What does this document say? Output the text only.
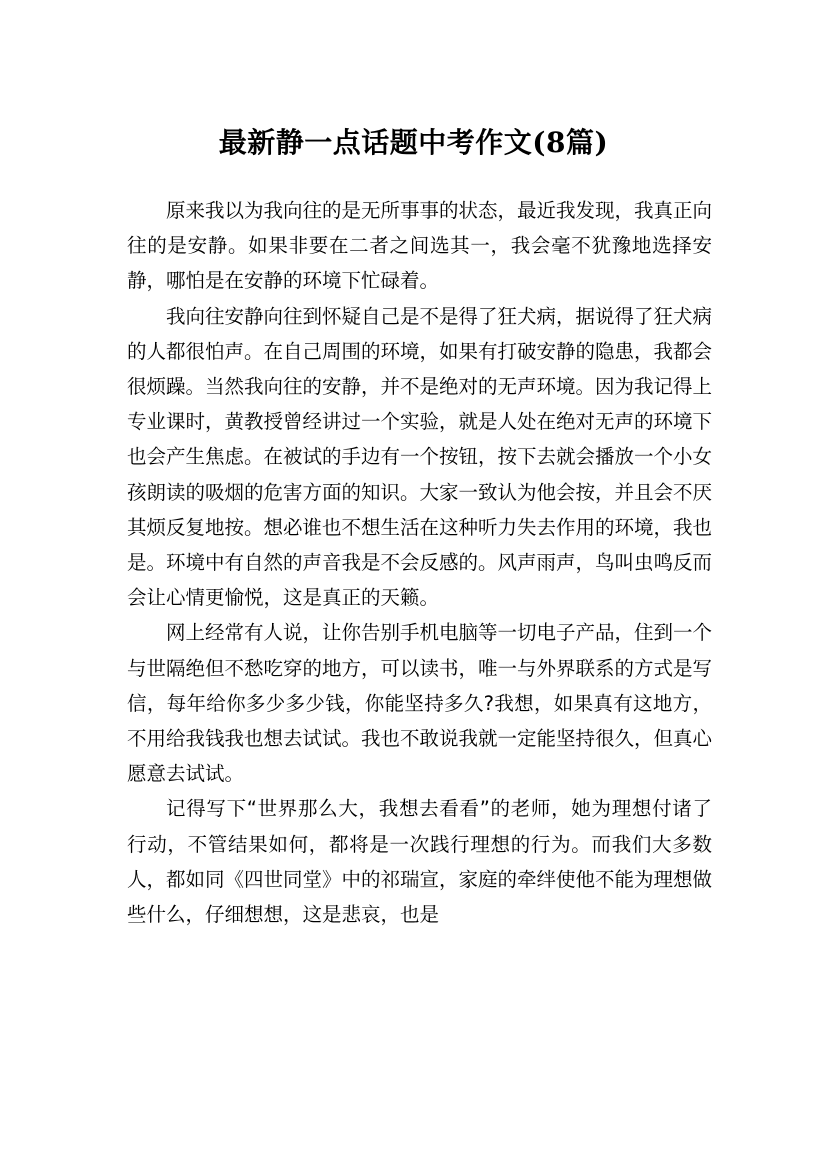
最新静一点话题中考作文(8篇)

原来我以为我向往的是无所事事的状态，最近我发现，我真正向往的是安静。如果非要在二者之间选其一，我会毫不犹豫地选择安静，哪怕是在安静的环境下忙碌着。

我向往安静向往到怀疑自己是不是得了狂犬病，据说得了狂犬病的人都很怕声。在自己周围的环境，如果有打破安静的隐患，我都会很烦躁。当然我向往的安静，并不是绝对的无声环境。因为我记得上专业课时，黄教授曾经讲过一个实验，就是人处在绝对无声的环境下也会产生焦虑。在被试的手边有一个按钮，按下去就会播放一个小女孩朗读的吸烟的危害方面的知识。大家一致认为他会按，并且会不厌其烦反复地按。想必谁也不想生活在这种听力失去作用的环境，我也是。环境中有自然的声音我是不会反感的。风声雨声，鸟叫虫鸣反而会让心情更愉悦，这是真正的天籁。

网上经常有人说，让你告别手机电脑等一切电子产品，住到一个与世隔绝但不愁吃穿的地方，可以读书，唯一与外界联系的方式是写信，每年给你多少多少钱，你能坚持多久?我想，如果真有这地方，不用给我钱我也想去试试。我也不敢说我就一定能坚持很久，但真心愿意去试试。

记得写下“世界那么大，我想去看看”的老师，她为理想付诸了行动，不管结果如何，都将是一次践行理想的行为。而我们大多数人，都如同《四世同堂》中的祁瑞宣，家庭的牵绊使他不能为理想做些什么，仔细想想，这是悲哀，也是
